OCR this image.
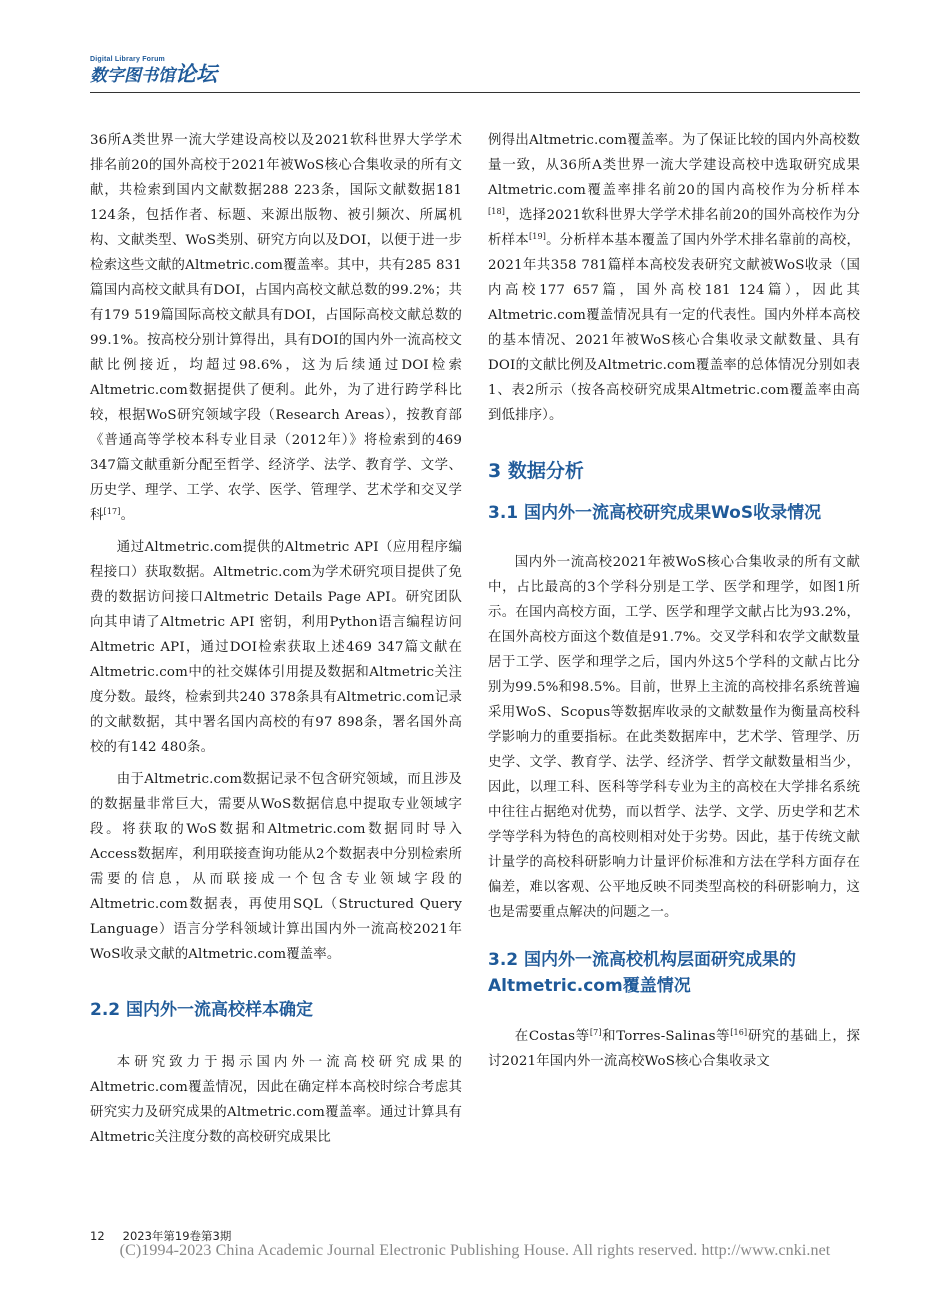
Digital Library Forum
数字图书馆论坛

36所A类世界一流大学建设高校以及2021软科世界大学学术排名前20的国外高校于2021年被WoS核心合集收录的所有文献，共检索到国内文献数据288 223条，国际文献数据181 124条，包括作者、标题、来源出版物、被引频次、所属机构、文献类型、WoS类别、研究方向以及DOI，以便于进一步检索这些文献的Altmetric.com覆盖率。其中，共有285 831篇国内高校文献具有DOI，占国内高校文献总数的99.2%；共有179 519篇国际高校文献具有DOI，占国际高校文献总数的99.1%。按高校分别计算得出，具有DOI的国内外一流高校文献比例接近，均超过98.6%，这为后续通过DOI检索Altmetric.com数据提供了便利。此外，为了进行跨学科比较，根据WoS研究领域字段（Research Areas），按教育部《普通高等学校本科专业目录（2012年）》将检索到的469 347篇文献重新分配至哲学、经济学、法学、教育学、文学、历史学、理学、工学、农学、医学、管理学、艺术学和交叉学科[17]。

通过Altmetric.com提供的Altmetric API（应用程序编程接口）获取数据。Altmetric.com为学术研究项目提供了免费的数据访问接口Altmetric Details Page API。研究团队向其申请了Altmetric API 密钥，利用Python语言编程访问Altmetric API，通过DOI检索获取上述469 347篇文献在Altmetric.com中的社交媒体引用提及数据和Altmetric关注度分数。最终，检索到共240 378条具有Altmetric.com记录的文献数据，其中署名国内高校的有97 898条，署名国外高校的有142 480条。

由于Altmetric.com数据记录不包含研究领域，而且涉及的数据量非常巨大，需要从WoS数据信息中提取专业领域字段。将获取的WoS数据和Altmetric.com数据同时导入Access数据库，利用联接查询功能从2个数据表中分别检索所需要的信息，从而联接成一个包含专业领域字段的Altmetric.com数据表，再使用SQL（Structured Query Language）语言分学科领域计算出国内外一流高校2021年WoS收录文献的Altmetric.com覆盖率。

2.2 国内外一流高校样本确定

本研究致力于揭示国内外一流高校研究成果的Altmetric.com覆盖情况，因此在确定样本高校时综合考虑其研究实力及研究成果的Altmetric.com覆盖率。通过计算具有Altmetric关注度分数的高校研究成果比

例得出Altmetric.com覆盖率。为了保证比较的国内外高校数量一致，从36所A类世界一流大学建设高校中选取研究成果Altmetric.com覆盖率排名前20的国内高校作为分析样本[18]，选择2021软科世界大学学术排名前20的国外高校作为分析样本[19]。分析样本基本覆盖了国内外学术排名靠前的高校，2021年共358 781篇样本高校发表研究文献被WoS收录（国内高校177 657篇，国外高校181 124篇），因此其Altmetric.com覆盖情况具有一定的代表性。国内外样本高校的基本情况、2021年被WoS核心合集收录文献数量、具有DOI的文献比例及Altmetric.com覆盖率的总体情况分别如表1、表2所示（按各高校研究成果Altmetric.com覆盖率由高到低排序）。

3 数据分析
3.1 国内外一流高校研究成果WoS收录情况

国内外一流高校2021年被WoS核心合集收录的所有文献中，占比最高的3个学科分别是工学、医学和理学，如图1所示。在国内高校方面，工学、医学和理学文献占比为93.2%，在国外高校方面这个数值是91.7%。交叉学科和农学文献数量居于工学、医学和理学之后，国内外这5个学科的文献占比分别为99.5%和98.5%。目前，世界上主流的高校排名系统普遍采用WoS、Scopus等数据库收录的文献数量作为衡量高校科学影响力的重要指标。在此类数据库中，艺术学、管理学、历史学、文学、教育学、法学、经济学、哲学文献数量相当少，因此，以理工科、医科等学科专业为主的高校在大学排名系统中往往占据绝对优势，而以哲学、法学、文学、历史学和艺术学等学科为特色的高校则相对处于劣势。因此，基于传统文献计量学的高校科研影响力计量评价标准和方法在学科方面存在偏差，难以客观、公平地反映不同类型高校的科研影响力，这也是需要重点解决的问题之一。

3.2 国内外一流高校机构层面研究成果的Altmetric.com覆盖情况

在Costas等[7]和Torres-Salinas等[16]研究的基础上，探讨2021年国内外一流高校WoS核心合集收录文

12 2023年第19卷第3期
(C)1994-2023 China Academic Journal Electronic Publishing House. All rights reserved. http://www.cnki.net
